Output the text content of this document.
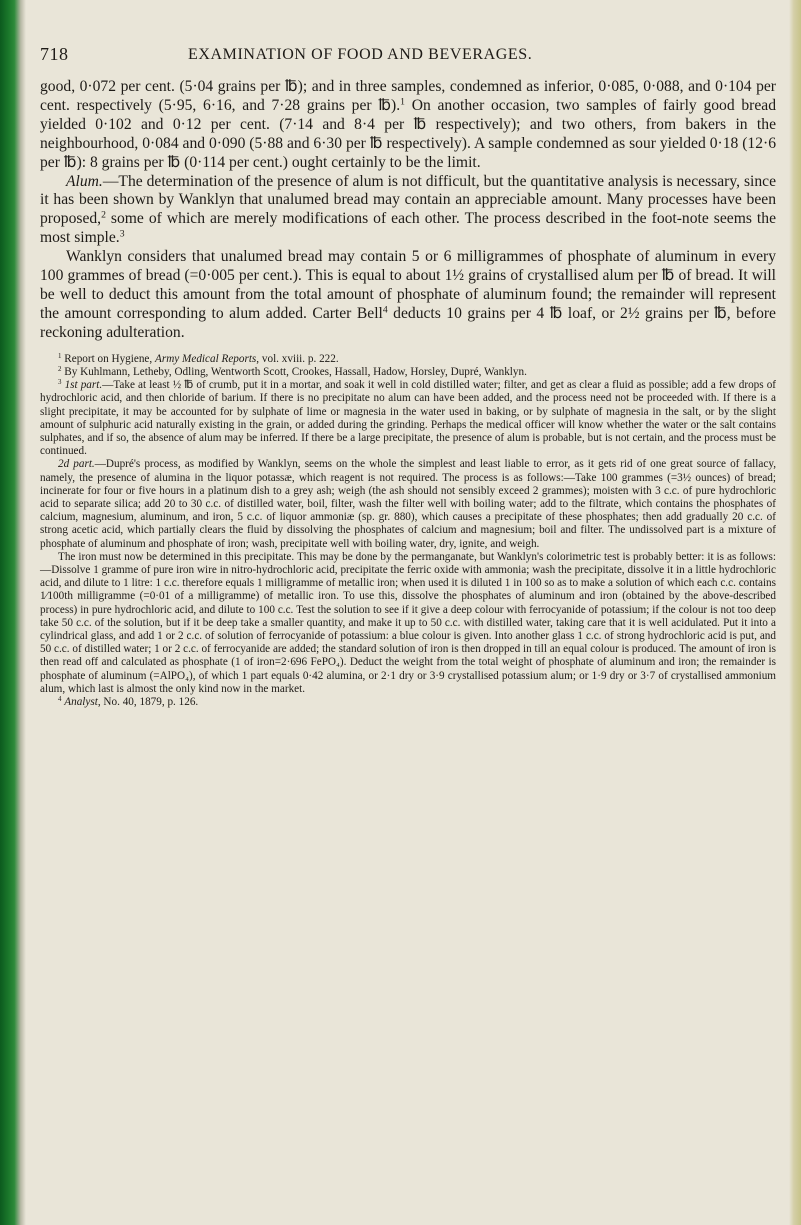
718	EXAMINATION OF FOOD AND BEVERAGES.

good, 0·072 per cent. (5·04 grains per ℔); and in three samples, condemned as inferior, 0·085, 0·088, and 0·104 per cent. respectively (5·95, 6·16, and 7·28 grains per ℔).$^1$ On another occasion, two samples of fairly good bread yielded 0·102 and 0·12 per cent. (7·14 and 8·4 per ℔ respectively); and two others, from bakers in the neighbourhood, 0·084 and 0·090 (5·88 and 6·30 per ℔ respectively). A sample condemned as sour yielded 0·18 (12·6 per ℔): 8 grains per ℔ (0·114 per cent.) ought certainly to be the limit.

Alum.—The determination of the presence of alum is not difficult, but the quantitative analysis is necessary, since it has been shown by Wanklyn that unalumed bread may contain an appreciable amount. Many processes have been proposed,$^2$ some of which are merely modifications of each other. The process described in the foot-note seems the most simple.$^3$

Wanklyn considers that unalumed bread may contain 5 or 6 milligrammes of phosphate of aluminum in every 100 grammes of bread (=0·005 per cent.). This is equal to about 1½ grains of crystallised alum per ℔ of bread. It will be well to deduct this amount from the total amount of phosphate of aluminum found; the remainder will represent the amount corresponding to alum added. Carter Bell$^4$ deducts 10 grains per 4 ℔ loaf, or 2½ grains per ℔, before reckoning adulteration.

$^1$ Report on Hygiene, Army Medical Reports, vol. xviii. p. 222.

$^2$ By Kuhlmann, Letheby, Odling, Wentworth Scott, Crookes, Hassall, Hadow, Horsley, Dupré, Wanklyn.

$^3$ 1st part.—Take at least ½ ℔ of crumb, put it in a mortar, and soak it well in cold distilled water; filter, and get as clear a fluid as possible; add a few drops of hydrochloric acid, and then chloride of barium. If there is no precipitate no alum can have been added, and the process need not be proceeded with. If there is a slight precipitate, it may be accounted for by sulphate of lime or magnesia in the water used in baking, or by sulphate of magnesia in the salt, or by the slight amount of sulphuric acid naturally existing in the grain, or added during the grinding. Perhaps the medical officer will know whether the water or the salt contains sulphates, and if so, the absence of alum may be inferred. If there be a large precipitate, the presence of alum is probable, but is not certain, and the process must be continued.

2d part.—Dupré's process, as modified by Wanklyn, seems on the whole the simplest and least liable to error, as it gets rid of one great source of fallacy, namely, the presence of alumina in the liquor potassæ, which reagent is not required. The process is as follows:—Take 100 grammes (=3½ ounces) of bread; incinerate for four or five hours in a platinum dish to a grey ash; weigh (the ash should not sensibly exceed 2 grammes); moisten with 3 c.c. of pure hydrochloric acid to separate silica; add 20 to 30 c.c. of distilled water, boil, filter, wash the filter well with boiling water; add to the filtrate, which contains the phosphates of calcium, magnesium, aluminum, and iron, 5 c.c. of liquor ammoniæ (sp. gr. 880), which causes a precipitate of these phosphates; then add gradually 20 c.c. of strong acetic acid, which partially clears the fluid by dissolving the phosphates of calcium and magnesium; boil and filter. The undissolved part is a mixture of phosphate of aluminum and phosphate of iron; wash, precipitate well with boiling water, dry, ignite, and weigh.

The iron must now be determined in this precipitate. This may be done by the permanganate, but Wanklyn's colorimetric test is probably better: it is as follows:—Dissolve 1 gramme of pure iron wire in nitro-hydrochloric acid, precipitate the ferric oxide with ammonia; wash the precipitate, dissolve it in a little hydrochloric acid, and dilute to 1 litre: 1 c.c. therefore equals 1 milligramme of metallic iron; when used it is diluted 1 in 100 so as to make a solution of which each c.c. contains 1⁄100th milligramme (=0·01 of a milligramme) of metallic iron. To use this, dissolve the phosphates of aluminum and iron (obtained by the above-described process) in pure hydrochloric acid, and dilute to 100 c.c. Test the solution to see if it give a deep colour with ferrocyanide of potassium; if the colour is not too deep take 50 c.c. of the solution, but if it be deep take a smaller quantity, and make it up to 50 c.c. with distilled water, taking care that it is well acidulated. Put it into a cylindrical glass, and add 1 or 2 c.c. of solution of ferrocyanide of potassium: a blue colour is given. Into another glass 1 c.c. of strong hydrochloric acid is put, and 50 c.c. of distilled water; 1 or 2 c.c. of ferrocyanide are added; the standard solution of iron is then dropped in till an equal colour is produced. The amount of iron is then read off and calculated as phosphate (1 of iron=2·696 FePO₄). Deduct the weight from the total weight of phosphate of aluminum and iron; the remainder is phosphate of aluminum (=AlPO₄), of which 1 part equals 0·42 alumina, or 2·1 dry or 3·9 crystallised potassium alum; or 1·9 dry or 3·7 of crystallised ammonium alum, which last is almost the only kind now in the market.

$^4$ Analyst, No. 40, 1879, p. 126.
